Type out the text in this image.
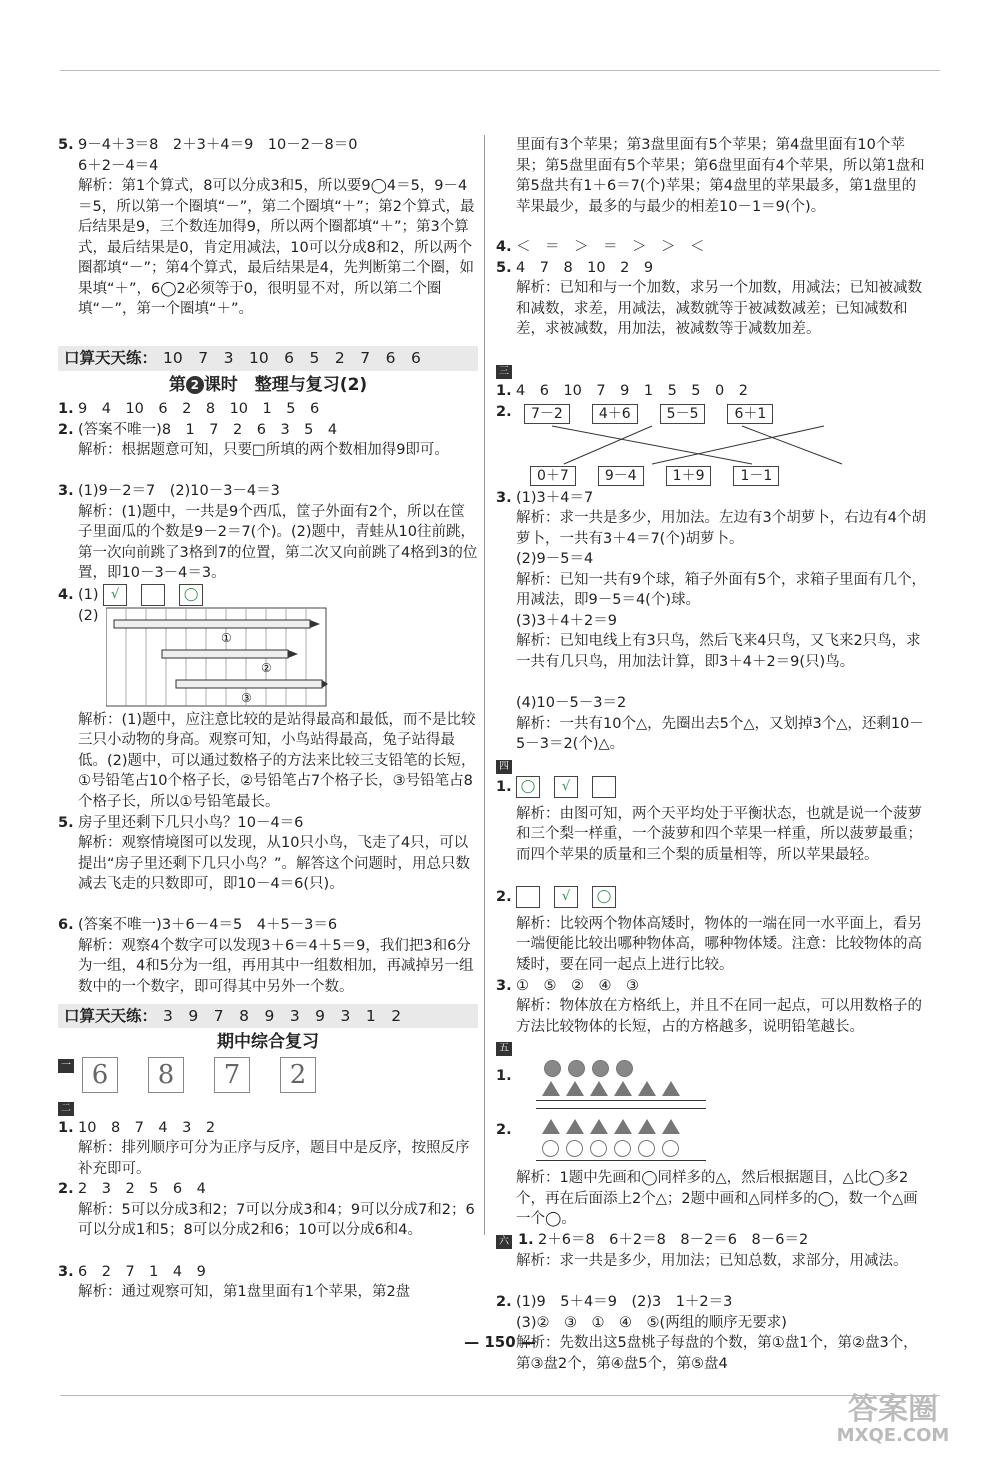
5. 9－4＋3＝8　2＋3＋4＝9　10－2－8＝0
6＋2－4＝4
解析：第1个算式，8可以分成3和5，所以要9◯4＝5，9－4＝5，所以第一个圈填“－”，第二个圈填“＋”；第2个算式，最后结果是9，三个数连加得9，所以两个圈都填“＋”；第3个算式，最后结果是0，肯定用减法，10可以分成8和2，所以两个圈都填“－”；第4个算式，最后结果是4，先判断第二个圈，如果填“＋”，6◯2必须等于0，很明显不对，所以第二个圈填“－”，第一个圈填“＋”。
口算天天练： 10　7　3　10　6　5　2　7　6　6
第 2 课时　整理与复习(2)
1. 9　4　10　6　2　8　10　1　5　6
2. (答案不唯一)8　1　7　2　6　3　5　4
解析：根据题意可知，只要□所填的两个数相加得9即可。
3. (1)9－2＝7　(2)10－3－4＝3
解析：(1)题中，一共是9个西瓜，筐子外面有2个，所以在筐子里面瓜的个数是9－2＝7(个)。(2)题中，青蛙从10往前跳，第一次向前跳了3格到7的位置，第二次又向前跳了4格到3的位置，即10－3－4＝3。
4. (1) √	◯
(2)
①
②
③
解析：(1)题中，应注意比较的是站得最高和最低，而不是比较三只小动物的身高。观察可知，小鸟站得最高，兔子站得最低。(2)题中，可以通过数格子的方法来比较三支铅笔的长短，①号铅笔占10个格子长，②号铅笔占7个格子长，③号铅笔占8个格子长，所以①号铅笔最长。
5. 房子里还剩下几只小鸟？10－4＝6
解析：观察情境图可以发现，从10只小鸟，飞走了4只，可以提出“房子里还剩下几只小鸟？”。解答这个问题时，用总只数减去飞走的只数即可，即10－4＝6(只)。
6. (答案不唯一)3＋6－4＝5　4＋5－3＝6
解析：观察4个数字可以发现3＋6＝4＋5＝9，我们把3和6分为一组，4和5分为一组，再用其中一组数相加，再减掉另一组数中的一个数字，即可得其中另外一个数。
口算天天练： 3　9　7　8　9　3　9　3　1　2
期中综合复习
一 6 8 7 2
二
1. 10　8　7　4　3　2
解析：排列顺序可分为正序与反序，题目中是反序，按照反序补充即可。
2. 2　3　2　5　6　4
解析：5可以分成3和2；7可以分成3和4；9可以分成7和2；6可以分成1和5；8可以分成2和6；10可以分成6和4。
3. 6　2　7　1　4　9
解析：通过观察可知，第1盘里面有1个苹果，第2盘
里面有3个苹果；第3盘里面有5个苹果；第4盘里面有10个苹果；第5盘里面有5个苹果；第6盘里面有4个苹果，所以第1盘和第5盘共有1＋6＝7(个)苹果；第4盘里的苹果最多，第1盘里的苹果最少，最多的与最少的相差10－1＝9(个)。
4. ＜　＝　＞　＝　＞　＞　＜
5. 4　7　8　10　2　9
解析：已知和与一个加数，求另一个加数，用减法；已知被减数和减数，求差，用减法，减数就等于被减数减差；已知减数和差，求被减数，用加法，被减数等于减数加差。
三
1. 4　6　10　7　9　1　5　5　0　2
2.	7－2	4＋6	5－5	6＋1
0＋7	9－4	1＋9	1－1
3. (1)3＋4＝7
解析：求一共是多少，用加法。左边有3个胡萝卜，右边有4个胡萝卜，一共有3＋4＝7(个)胡萝卜。
(2)9－5＝4
解析：已知一共有9个球，箱子外面有5个，求箱子里面有几个，用减法，即9－5＝4(个)球。
(3)3＋4＋2＝9
解析：已知电线上有3只鸟，然后飞来4只鸟，又飞来2只鸟，求一共有几只鸟，用加法计算，即3＋4＋2＝9(只)鸟。
(4)10－5－3＝2
解析：一共有10个△，先圈出去5个△，又划掉3个△，还剩10－5－3＝2(个)△。
四
1. ◯ √
解析：由图可知，两个天平均处于平衡状态，也就是说一个菠萝和三个梨一样重，一个菠萝和四个苹果一样重，所以菠萝最重；而四个苹果的质量和三个梨的质量相等，所以苹果最轻。
2.	√ ◯
解析：比较两个物体高矮时，物体的一端在同一水平面上，看另一端便能比较出哪种物体高，哪种物体矮。注意：比较物体的高矮时，要在同一起点上进行比较。
3. ①　⑤　②　④　③
解析：物体放在方格纸上，并且不在同一起点，可以用数格子的方法比较物体的长短，占的方格越多，说明铅笔越长。
五
1.
2.
解析：1题中先画和◯同样多的△，然后根据题目，△比◯多2个，再在后面添上2个△；2题中画和△同样多的◯，数一个△画一个◯。
六 1. 2＋6＝8　6＋2＝8　8－2＝6　8－6＝2
解析：求一共是多少，用加法；已知总数，求部分，用减法。
2. (1)9　5＋4＝9　(2)3　1＋2＝3
(3)②　③　①　④　⑤(两组的顺序无要求)
解析：先数出这5盘桃子每盘的个数，第①盘1个，第②盘3个，第③盘2个，第④盘5个，第⑤盘4
— 150 —
答案圈
MXQE.COM
